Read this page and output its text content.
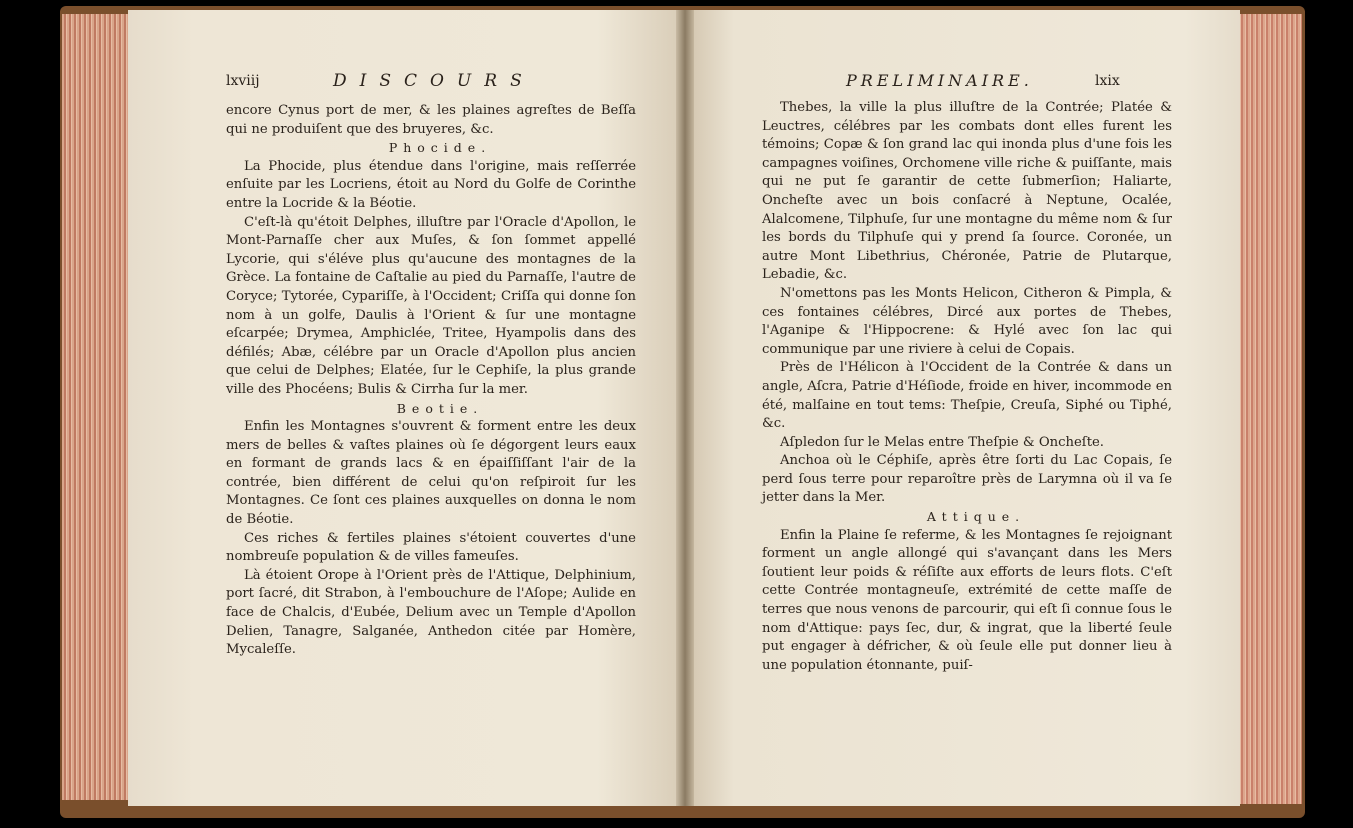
lxviij	DISCOURS	PRELIMINAIRE.	lxix

encore Cynus port de mer, & les plaines agreſtes de Beſſa qui ne produiſent que des bruyeres, &c.

Phocide.

La Phocide, plus étendue dans l'origine, mais reſſerrée enſuite par les Locriens, étoit au Nord du Golfe de Corinthe entre la Locride & la Béotie.

C'eſt-là qu'étoit Delphes, illuſtre par l'Oracle d'Apollon, le Mont-Parnaſſe cher aux Muſes, & ſon ſommet appellé Lycorie, qui s'éléve plus qu'aucune des montagnes de la Grèce. La fontaine de Caſtalie au pied du Parnaſſe, l'autre de Coryce; Tytorée, Cypariſſe, à l'Occident; Criſſa qui donne ſon nom à un golfe, Daulis à l'Orient & ſur une montagne eſcarpée; Drymea, Amphiclée, Tritee, Hyampolis dans des défilés; Abæ, célébre par un Oracle d'Apollon plus ancien que celui de Delphes; Elatée, ſur le Cephiſe, la plus grande ville des Phocéens; Bulis & Cirrha ſur la mer.

Beotie.

Enfin les Montagnes s'ouvrent & forment entre les deux mers de belles & vaſtes plaines où ſe dégorgent leurs eaux en formant de grands lacs & en épaiſſiſſant l'air de la contrée, bien différent de celui qu'on reſpiroit ſur les Montagnes. Ce ſont ces plaines auxquelles on donna le nom de Béotie.

Ces riches & fertiles plaines s'étoient couvertes d'une nombreuſe population & de villes fameuſes.

Là étoient Orope à l'Orient près de l'Attique, Delphinium, port ſacré, dit Strabon, à l'embouchure de l'Aſope; Aulide en face de Chalcis, d'Eubée, Delium avec un Temple d'Apollon Delien, Tanagre, Salganée, Anthedon citée par Homère, Mycaleſſe.

Thebes, la ville la plus illuſtre de la Contrée; Platée & Leuctres, célébres par les combats dont elles furent les témoins; Copæ & ſon grand lac qui inonda plus d'une fois les campagnes voiſines, Orchomene ville riche & puiſſante, mais qui ne put ſe garantir de cette ſubmerſion; Haliarte, Oncheſte avec un bois conſacré à Neptune, Ocalée, Alalcomene, Tilphuſe, ſur une montagne du même nom & ſur les bords du Tilphuſe qui y prend ſa ſource. Coronée, un autre Mont Libethrius, Chéronée, Patrie de Plutarque, Lebadie, &c.

N'omettons pas les Monts Helicon, Citheron & Pimpla, & ces fontaines célébres, Dircé aux portes de Thebes, l'Aganipe & l'Hippocrene: & Hylé avec ſon lac qui communique par une riviere à celui de Copais.

Près de l'Hélicon à l'Occident de la Contrée & dans un angle, Aſcra, Patrie d'Héſiode, froide en hiver, incommode en été, malſaine en tout tems: Theſpie, Creuſa, Siphé ou Tiphé, &c.

Aſpledon ſur le Melas entre Theſpie & Oncheſte.

Anchoa où le Céphiſe, après être ſorti du Lac Copais, ſe perd ſous terre pour reparoître près de Larymna où il va ſe jetter dans la Mer.

Attique.

Enfin la Plaine ſe referme, & les Montagnes ſe rejoignant forment un angle allongé qui s'avançant dans les Mers ſoutient leur poids & réſiſte aux efforts de leurs flots. C'eſt cette Contrée montagneuſe, extrémité de cette maſſe de terres que nous venons de parcourir, qui eſt ſi connue ſous le nom d'Attique: pays ſec, dur, & ingrat, que la liberté ſeule put engager à défricher, & où ſeule elle put donner lieu à une population étonnante, puiſ-
